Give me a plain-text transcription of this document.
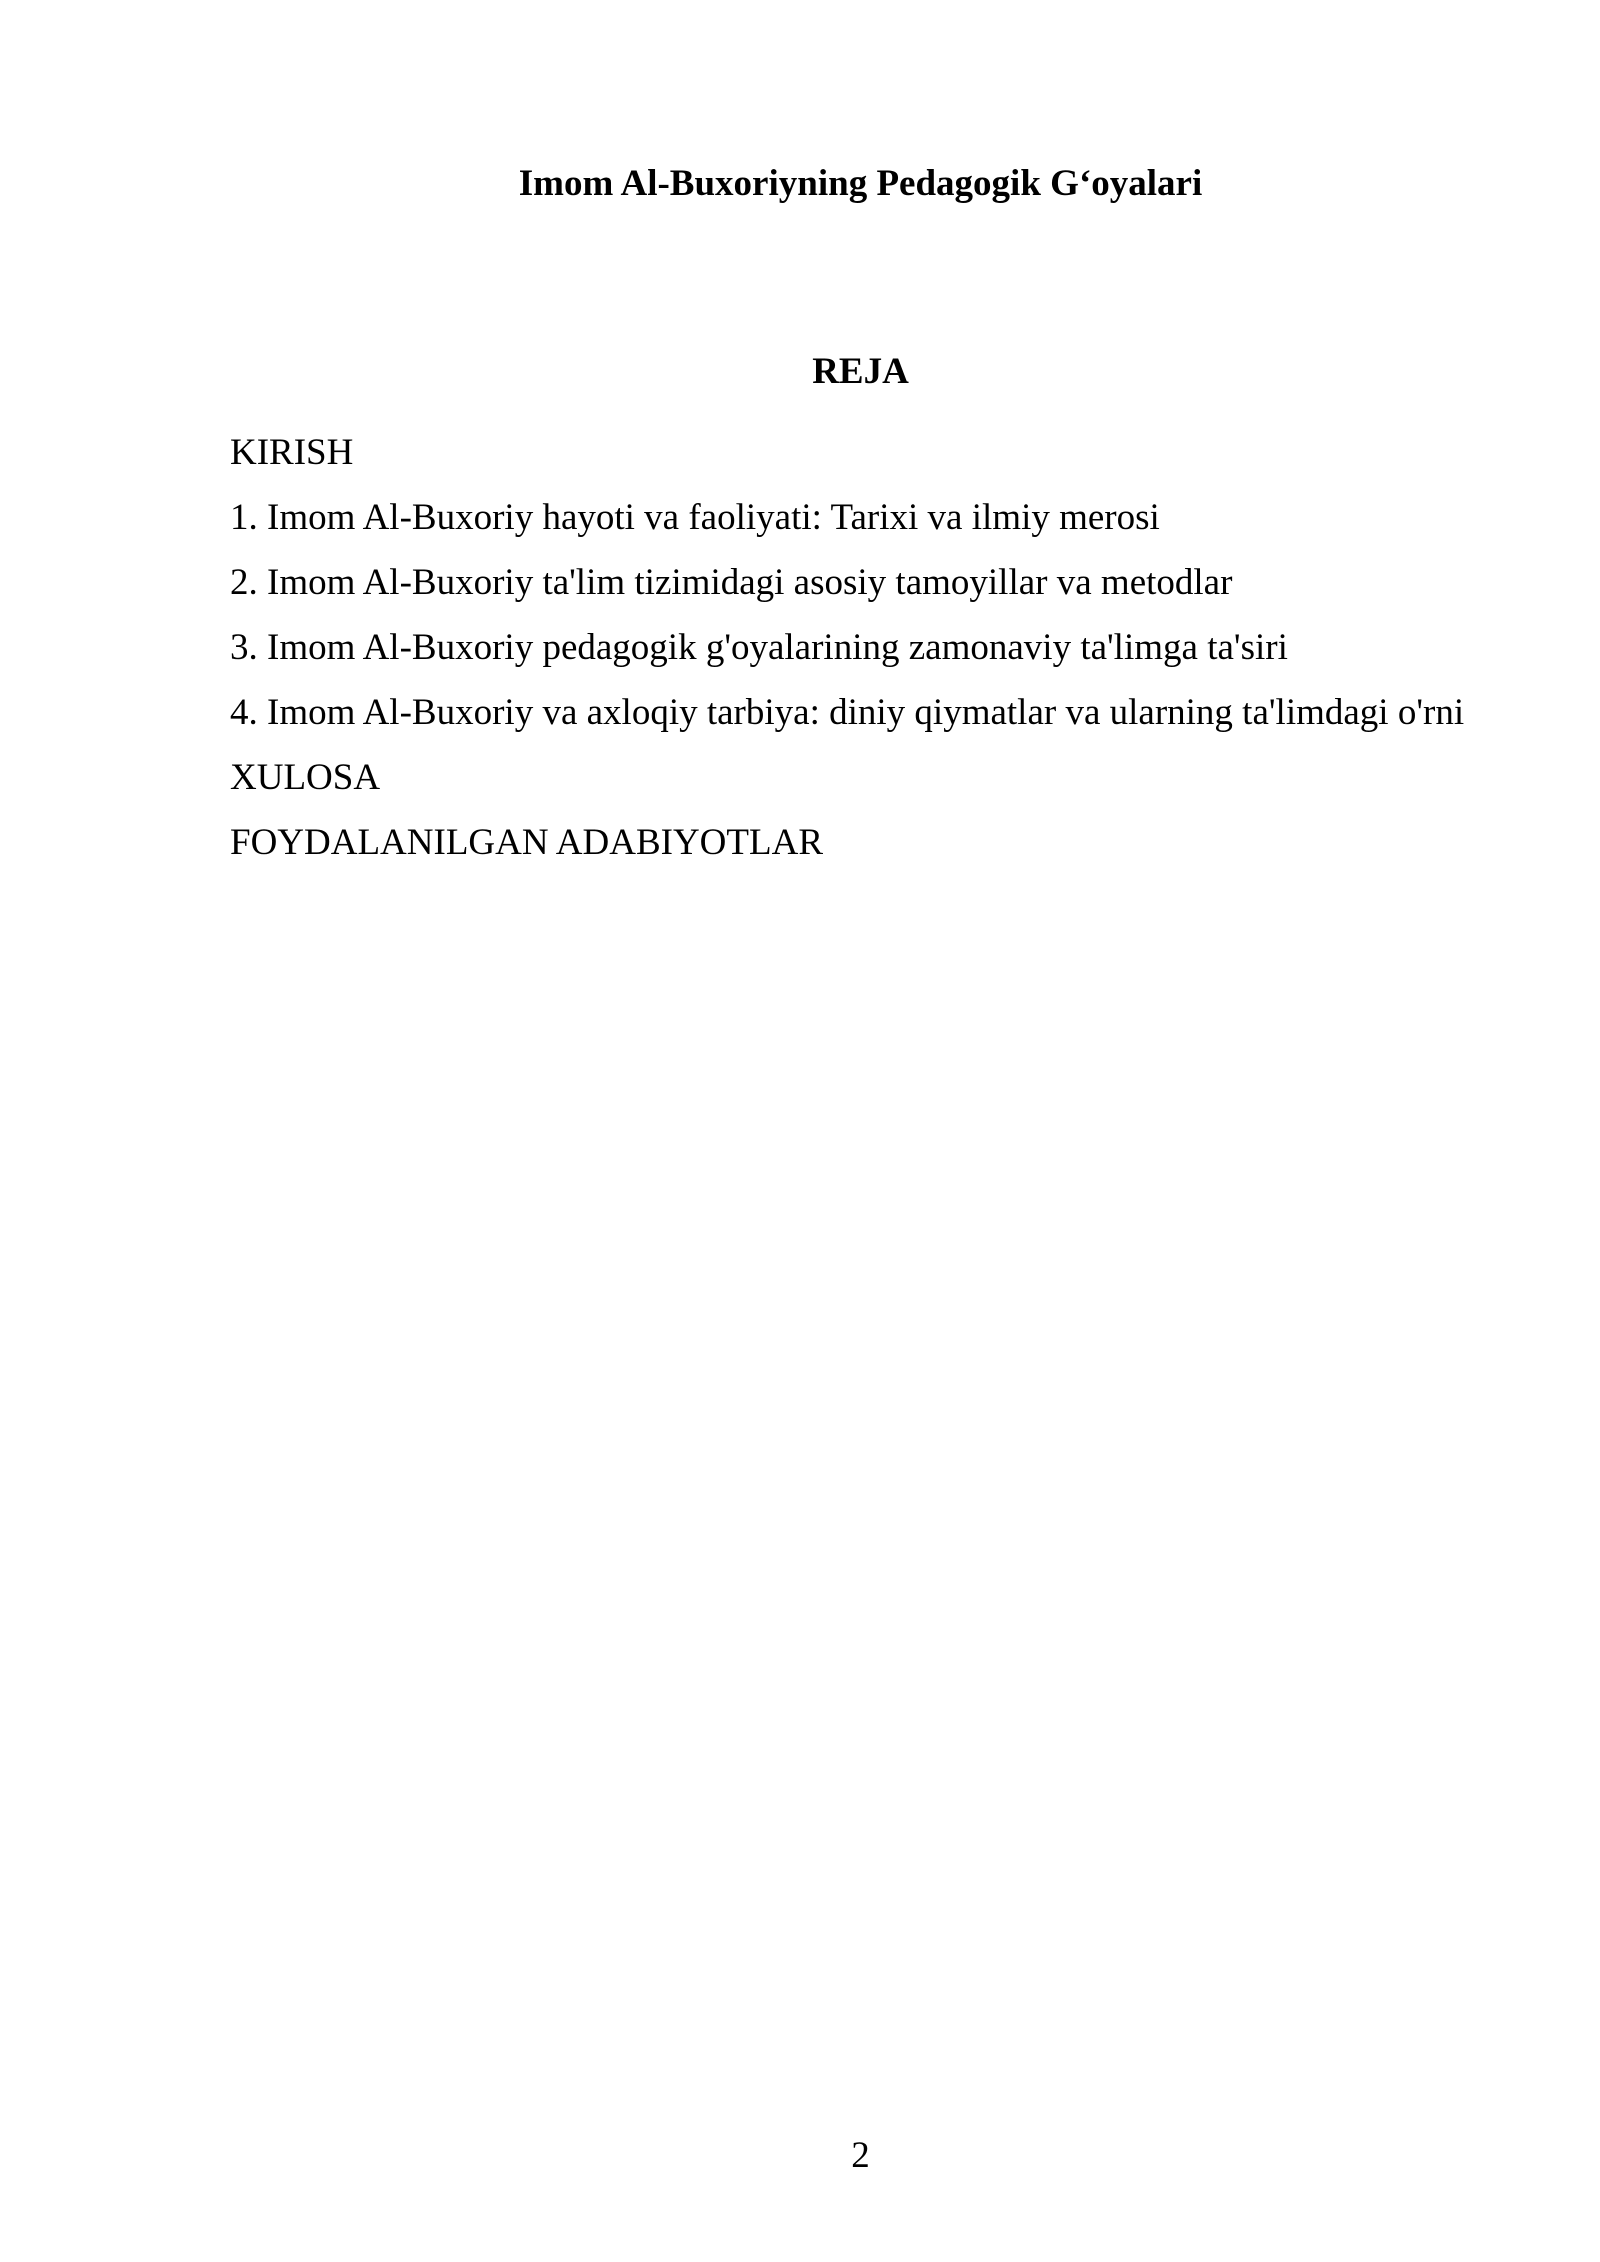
Imom Al-Buxoriyning Pedagogik G‘oyalari
REJA
KIRISH
1. Imom Al-Buxoriy hayoti va faoliyati: Tarixi va ilmiy merosi
2. Imom Al-Buxoriy ta'lim tizimidagi asosiy tamoyillar va metodlar
3. Imom Al-Buxoriy pedagogik g'oyalarining zamonaviy ta'limga ta'siri
4. Imom Al-Buxoriy va axloqiy tarbiya: diniy qiymatlar va ularning ta'limdagi o'rni
XULOSA
FOYDALANILGAN ADABIYOTLAR
2
